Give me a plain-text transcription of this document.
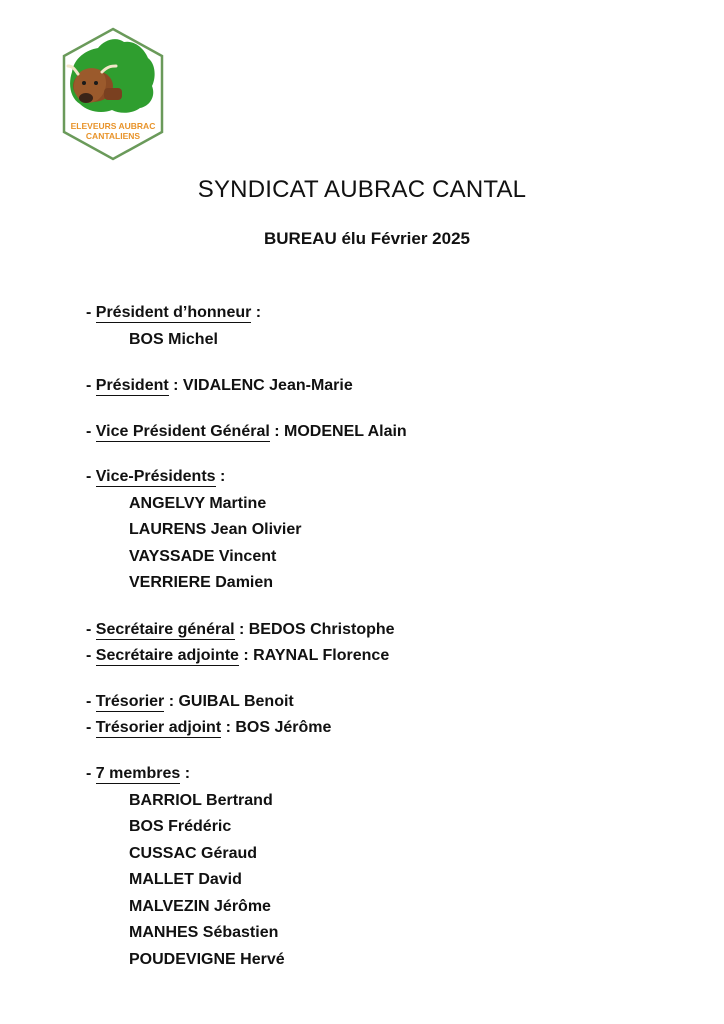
ELEVEURS AUBRAC
CANTALIENS
SYNDICAT AUBRAC CANTAL
BUREAU élu Février 2025
- Président d’honneur :
BOS Michel
- Président : VIDALENC Jean-Marie
- Vice Président Général : MODENEL Alain
- Vice-Présidents :
ANGELVY Martine
LAURENS Jean Olivier
VAYSSADE Vincent
VERRIERE Damien
- Secrétaire général : BEDOS Christophe
- Secrétaire adjointe : RAYNAL Florence
- Trésorier : GUIBAL Benoit
- Trésorier adjoint : BOS Jérôme
- 7 membres :
BARRIOL Bertrand
BOS Frédéric
CUSSAC Géraud
MALLET David
MALVEZIN Jérôme
MANHES Sébastien
POUDEVIGNE Hervé
